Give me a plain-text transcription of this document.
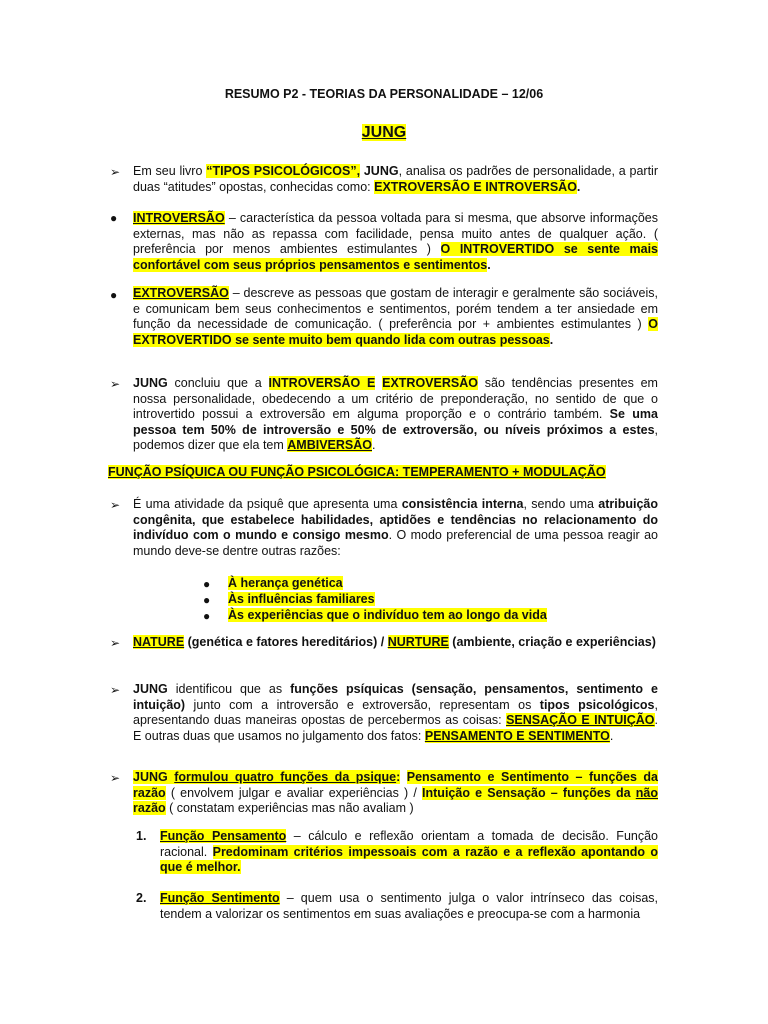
RESUMO P2 - TEORIAS DA PERSONALIDADE – 12/06
JUNG
➢ Em seu livro “TIPOS PSICOLÓGICOS”, JUNG, analisa os padrões de personalidade, a partir duas “atitudes” opostas, conhecidas como: EXTROVERSÃO E INTROVERSÃO.
● INTROVERSÃO – característica da pessoa voltada para si mesma, que absorve informações externas, mas não as repassa com facilidade, pensa muito antes de qualquer ação. ( preferência por menos ambientes estimulantes ) O INTROVERTIDO se sente mais confortável com seus próprios pensamentos e sentimentos.
● EXTROVERSÃO – descreve as pessoas que gostam de interagir e geralmente são sociáveis, e comunicam bem seus conhecimentos e sentimentos, porém tendem a ter ansiedade em função da necessidade de comunicação. ( preferência por + ambientes estimulantes ) O EXTROVERTIDO se sente muito bem quando lida com outras pessoas.
➢ JUNG concluiu que a INTROVERSÃO E EXTROVERSÃO são tendências presentes em nossa personalidade, obedecendo a um critério de preponderação, no sentido de que o introvertido possui a extroversão em alguma proporção e o contrário também. Se uma pessoa tem 50% de introversão e 50% de extroversão, ou níveis próximos a estes, podemos dizer que ela tem AMBIVERSÃO.
FUNÇÃO PSÍQUICA OU FUNÇÃO PSICOLÓGICA: TEMPERAMENTO + MODULAÇÃO
➢ É uma atividade da psiquê que apresenta uma consistência interna, sendo uma atribuição congênita, que estabelece habilidades, aptidões e tendências no relacionamento do indivíduo com o mundo e consigo mesmo. O modo preferencial de uma pessoa reagir ao mundo deve-se dentre outras razões:
● À herança genética
● Às influências familiares
● Às experiências que o indivíduo tem ao longo da vida
➢ NATURE (genética e fatores hereditários) / NURTURE (ambiente, criação e experiências)
➢ JUNG identificou que as funções psíquicas (sensação, pensamentos, sentimento e intuição) junto com a introversão e extroversão, representam os tipos psicológicos, apresentando duas maneiras opostas de percebermos as coisas: SENSAÇÃO E INTUIÇÃO. E outras duas que usamos no julgamento dos fatos: PENSAMENTO E SENTIMENTO.
➢ JUNG formulou quatro funções da psique: Pensamento e Sentimento – funções da razão ( envolvem julgar e avaliar experiências ) / Intuição e Sensação – funções da não razão ( constatam experiências mas não avaliam )
1. Função Pensamento – cálculo e reflexão orientam a tomada de decisão. Função racional. Predominam critérios impessoais com a razão e a reflexão apontando o que é melhor.
2. Função Sentimento – quem usa o sentimento julga o valor intrínseco das coisas, tendem a valorizar os sentimentos em suas avaliações e preocupa-se com a harmonia
